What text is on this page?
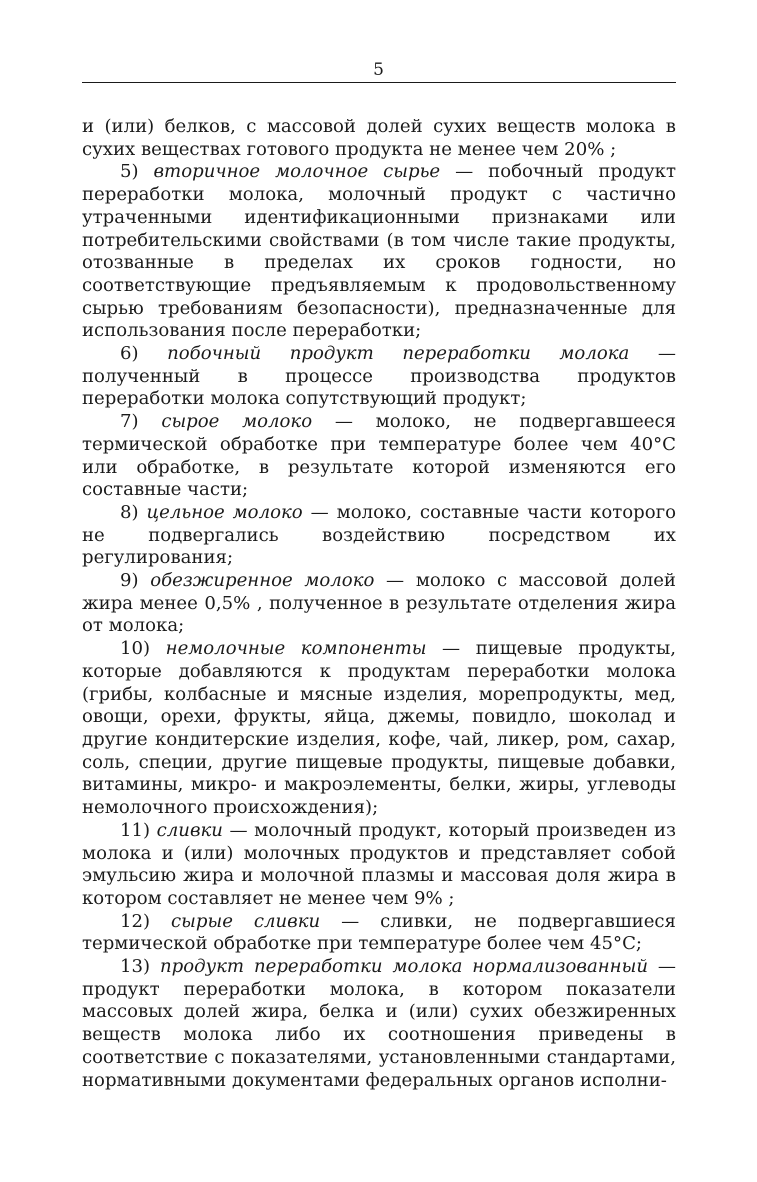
5

и (или) белков, с массовой долей сухих веществ молока в сухих веществах готового продукта не менее чем 20% ;

5) вторичное молочное сырье — побочный продукт переработки молока, молочный продукт с частично утраченными идентификационными признаками или потребительскими свойствами (в том числе такие продукты, отозванные в пределах их сроков годности, но соответствующие предъявляемым к продовольственному сырью требованиям безопасности), предназначенные для использования после переработки;

6) побочный продукт переработки молока — полученный в процессе производства продуктов переработки молока сопутствующий продукт;

7) сырое молоко — молоко, не подвергавшееся термической обработке при температуре более чем 40°С или обработке, в результате которой изменяются его составные части;

8) цельное молоко — молоко, составные части которого не подвергались воздействию посредством их регулирования;

9) обезжиренное молоко — молоко с массовой долей жира менее 0,5% , полученное в результате отделения жира от молока;

10) немолочные компоненты — пищевые продукты, которые добавляются к продуктам переработки молока (грибы, колбасные и мясные изделия, морепродукты, мед, овощи, орехи, фрукты, яйца, джемы, повидло, шоколад и другие кондитерские изделия, кофе, чай, ликер, ром, сахар, соль, специи, другие пищевые продукты, пищевые добавки, витамины, микро- и макроэлементы, белки, жиры, углеводы немолочного происхождения);

11) сливки — молочный продукт, который произведен из молока и (или) молочных продуктов и представляет собой эмульсию жира и молочной плазмы и массовая доля жира в котором составляет не менее чем 9% ;

12) сырые сливки — сливки, не подвергавшиеся термической обработке при температуре более чем 45°С;

13) продукт переработки молока нормализованный — продукт переработки молока, в котором показатели массовых долей жира, белка и (или) сухих обезжиренных веществ молока либо их соотношения приведены в соответствие с показателями, установленными стандартами, нормативными документами федеральных органов исполни-
